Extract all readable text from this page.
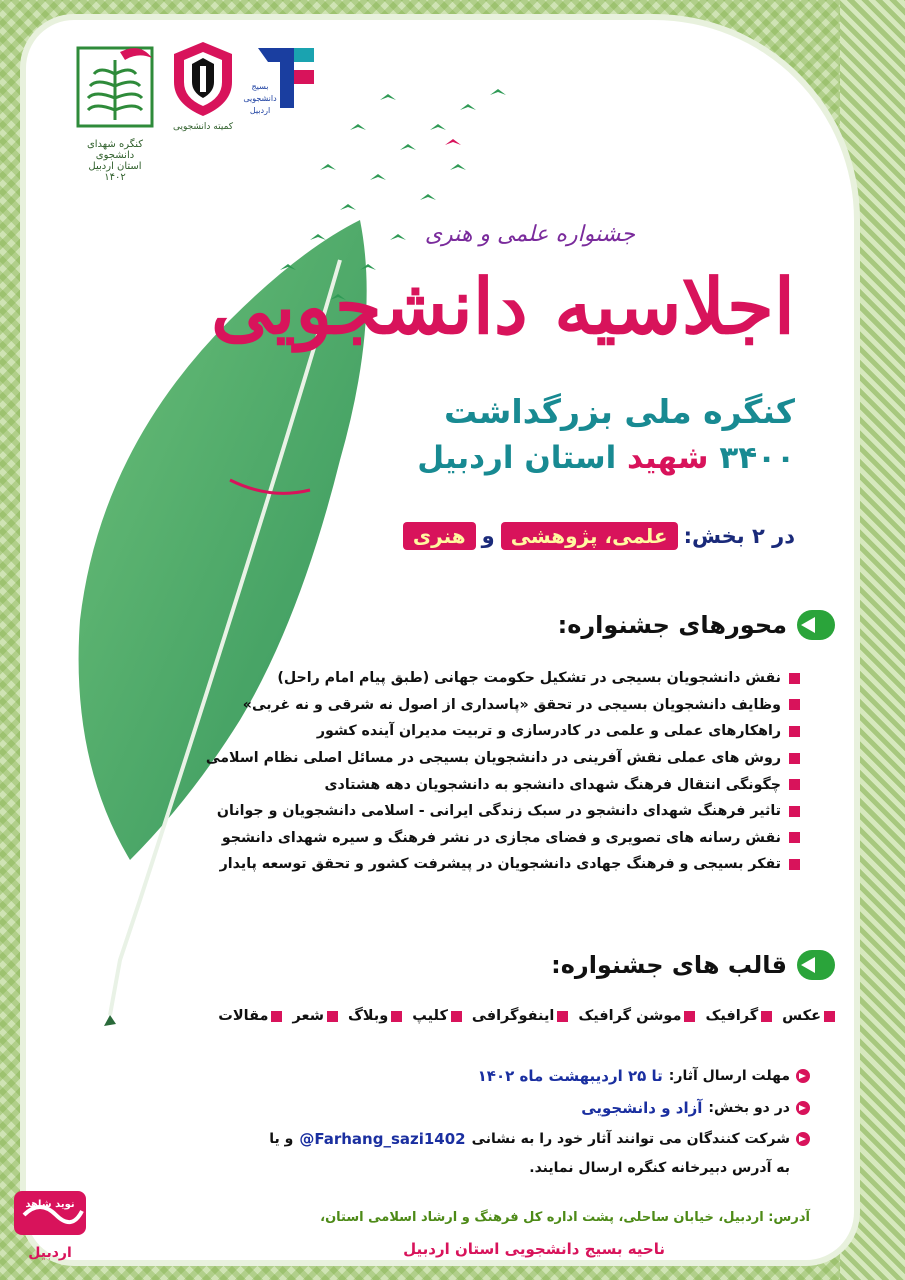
کنگره شهدای دانشجوی
استان اردبیل
۱۴۰۲
کمیته دانشجویی
بسیج
دانشجویی
اردبیل
جشنواره علمی و هنری
اجلاسیه دانشجویی
کنگره ملی بزرگداشت
۳۴۰۰ شهید استان اردبیل
در ۲ بخش:
علمی، پژوهشی
و
هنری
محورهای جشنواره:
نقش دانشجویان بسیجی در تشکیل حکومت جهانی (طبق پیام امام راحل)
وظایف دانشجویان بسیجی در تحقق «پاسداری از اصول نه شرقی و نه غربی»
راهکارهای عملی و علمی در کادرسازی و تربیت مدیران آینده کشور
روش های عملی نقش آفرینی در دانشجویان بسیجی در مسائل اصلی نظام اسلامی
چگونگی انتقال فرهنگ شهدای دانشجو به دانشجویان دهه هشتادی
تاثیر فرهنگ شهدای دانشجو در سبک زندگی ایرانی - اسلامی دانشجویان و جوانان
نقش رسانه های تصویری و فضای مجازی در نشر فرهنگ و سیره شهدای دانشجو
تفکر بسیجی و فرهنگ جهادی دانشجویان در پیشرفت کشور و تحقق توسعه پایدار
قالب های جشنواره:
عکس
گرافیک
موشن گرافیک
اینفوگرافی
کلیپ
وبلاگ
شعر
مقالات
مهلت ارسال آثار:
تا ۲۵ اردیبهشت ماه ۱۴۰۲
در دو بخش:
آزاد و دانشجویی
شرکت کنندگان می توانند آثار خود را به نشانی
@Farhang_sazi1402
و یا
به آدرس دبیرخانه کنگره ارسال نمایند.
آدرس: اردبیل، خیابان ساحلی، پشت اداره کل فرهنگ و ارشاد اسلامی استان،
ناحیه بسیج دانشجویی استان اردبیل
نوید شاهد
اردبیل
